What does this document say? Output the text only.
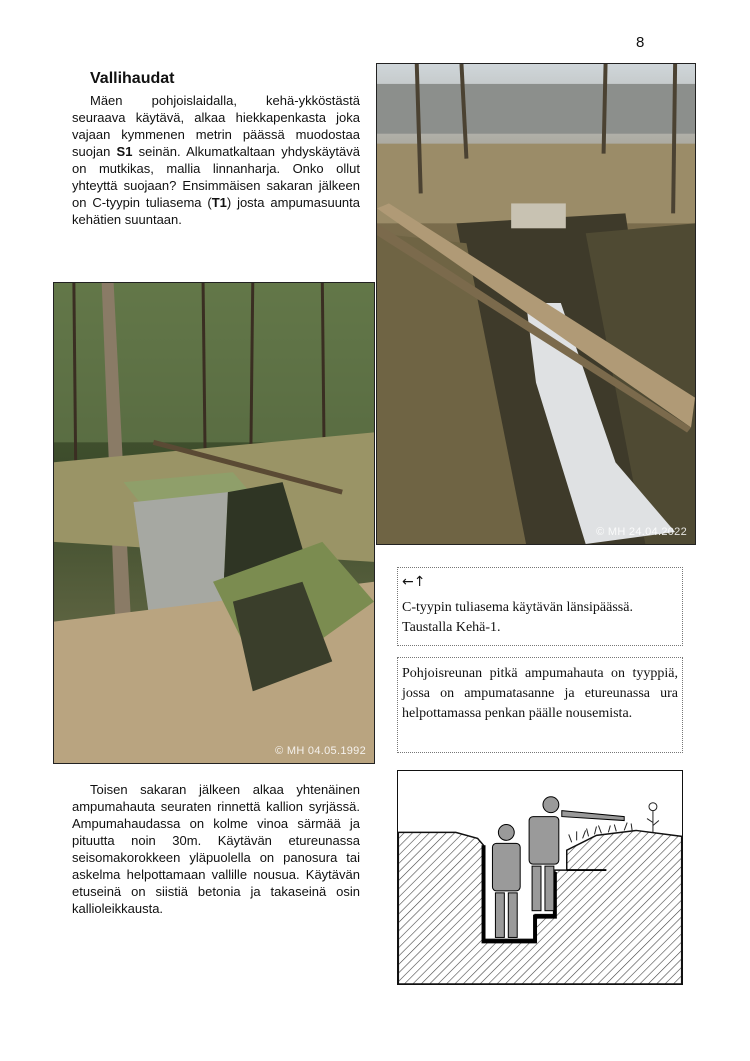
8
Vallihaudat

Mäen pohjoislaidalla, kehä-ykköstästä seuraava käytävä, alkaa hiekkapenkasta joka vajaan kymmenen metrin päässä muodostaa suojan S1 seinän. Alkumatkaltaan yhdyskäytävä on mutkikas, mallia linnanharja. Onko ollut yhteyttä suojaan? Ensimmäisen sakaran jälkeen on C-tyypin tuliasema (T1) josta ampumasuunta kehätien suuntaan.

© MH 24.04.2022
© MH 04.05.1992
←↑
C-tyypin tuliasema käytävän länsipäässä. Taustalla Kehä-1.
Pohjoisreunan pitkä ampumahauta on tyyppiä, jossa on ampumatasanne ja etureunassa ura helpottamassa penkan päälle nousemista.

Toisen sakaran jälkeen alkaa yhtenäinen ampumahauta seuraten rinnettä kallion syrjässä. Ampumahaudassa on kolme vinoa särmää ja pituutta noin 30m. Käytävän etureunassa seisomakorokkeen yläpuolella on panosura tai askelma helpottamaan vallille nousua. Käytävän etuseinä on siistiä betonia ja takaseinä osin kallioleikkausta.
